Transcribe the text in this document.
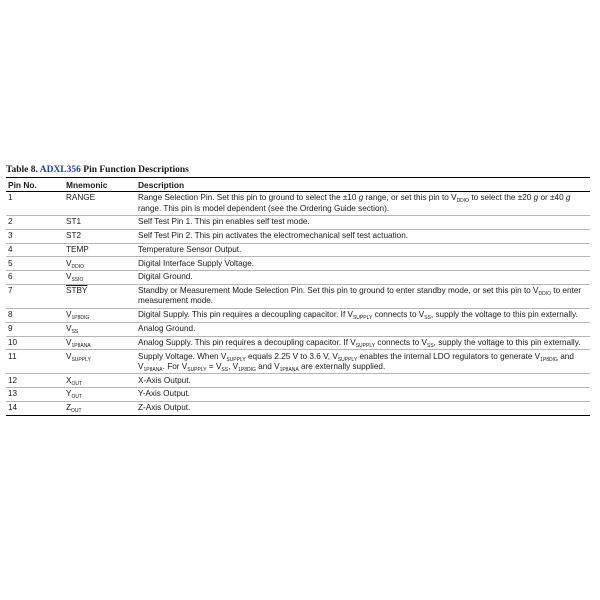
Table 8. ADXL356 Pin Function Descriptions
Pin No.	Mnemonic	Description
1	RANGE	Range Selection Pin. Set this pin to ground to select the ±10 g range, or set this pin to $V_{DDIO}$ to select the ±20 g or ±40 g range. This pin is model dependent (see the Ordering Guide section).
2	ST1	Self Test Pin 1. This pin enables self test mode.
3	ST2	Self Test Pin 2. This pin activates the electromechanical self test actuation.
4	TEMP	Temperature Sensor Output.
5	$V_{DDIO}$	Digital Interface Supply Voltage.
6	$V_{SSIO}$	Digital Ground.
7	STBY	Standby or Measurement Mode Selection Pin. Set this pin to ground to enter standby mode, or set this pin to $V_{DDIO}$ to enter measurement mode.
8	$V_{1P8DIG}$	Digital Supply. This pin requires a decoupling capacitor. If $V_{SUPPLY}$ connects to $V_{SS}$, supply the voltage to this pin externally.
9	$V_{SS}$	Analog Ground.
10	$V_{1P8ANA}$	Analog Supply. This pin requires a decoupling capacitor. If $V_{SUPPLY}$ connects to $V_{SS}$, supply the voltage to this pin externally.
11	$V_{SUPPLY}$	Supply Voltage. When $V_{SUPPLY}$ equals 2.25 V to 3.6 V, $V_{SUPPLY}$ enables the internal LDO regulators to generate $V_{1P8DIG}$ and $V_{1P8ANA}$. For $V_{SUPPLY} = V_{SS}$, $V_{1P8DIG}$ and $V_{1P8ANA}$ are externally supplied.
12	$X_{OUT}$	X-Axis Output.
13	$Y_{OUT}$	Y-Axis Output.
14	$Z_{OUT}$	Z-Axis Output.
